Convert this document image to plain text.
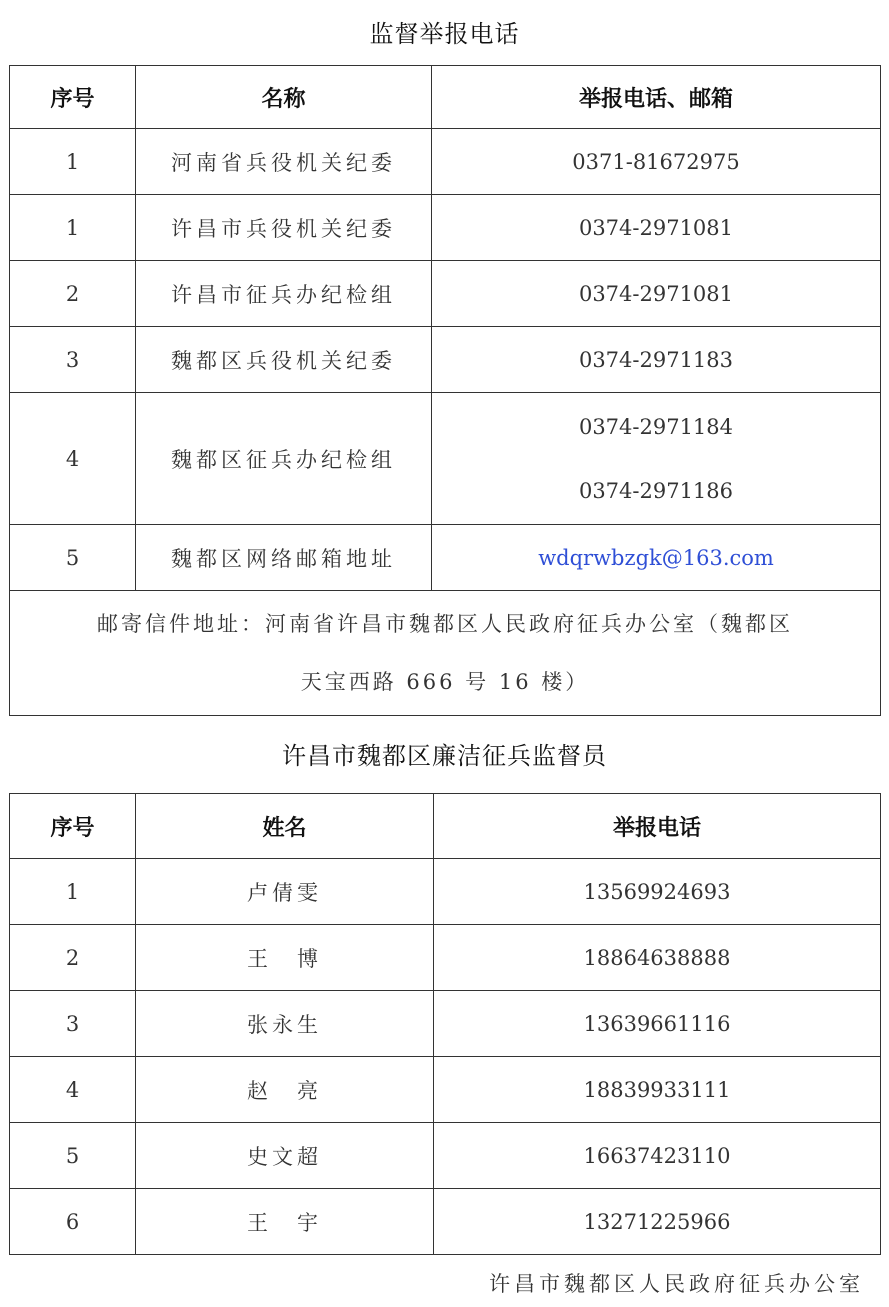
监督举报电话
序号	名称	举报电话、邮箱
1	河南省兵役机关纪委	0371-81672975
1	许昌市兵役机关纪委	0374-2971081
2	许昌市征兵办纪检组	0374-2971081
3	魏都区兵役机关纪委	0374-2971183
4	魏都区征兵办纪检组	0374-2971184
0374-2971186

5	魏都区网络邮箱地址	wdqrwbzgk@163.com

邮寄信件地址：河南省许昌市魏都区人民政府征兵办公室（魏都区
天宝西路 666 号 16 楼）		
许昌市魏都区廉洁征兵监督员
序号	姓名	举报电话
1	卢倩雯	13569924693
2	王　博	18864638888
3	张永生	13639661116
4	赵　亮	18839933111
5	史文超	16637423110
6	王　宇	13271225966
许昌市魏都区人民政府征兵办公室
